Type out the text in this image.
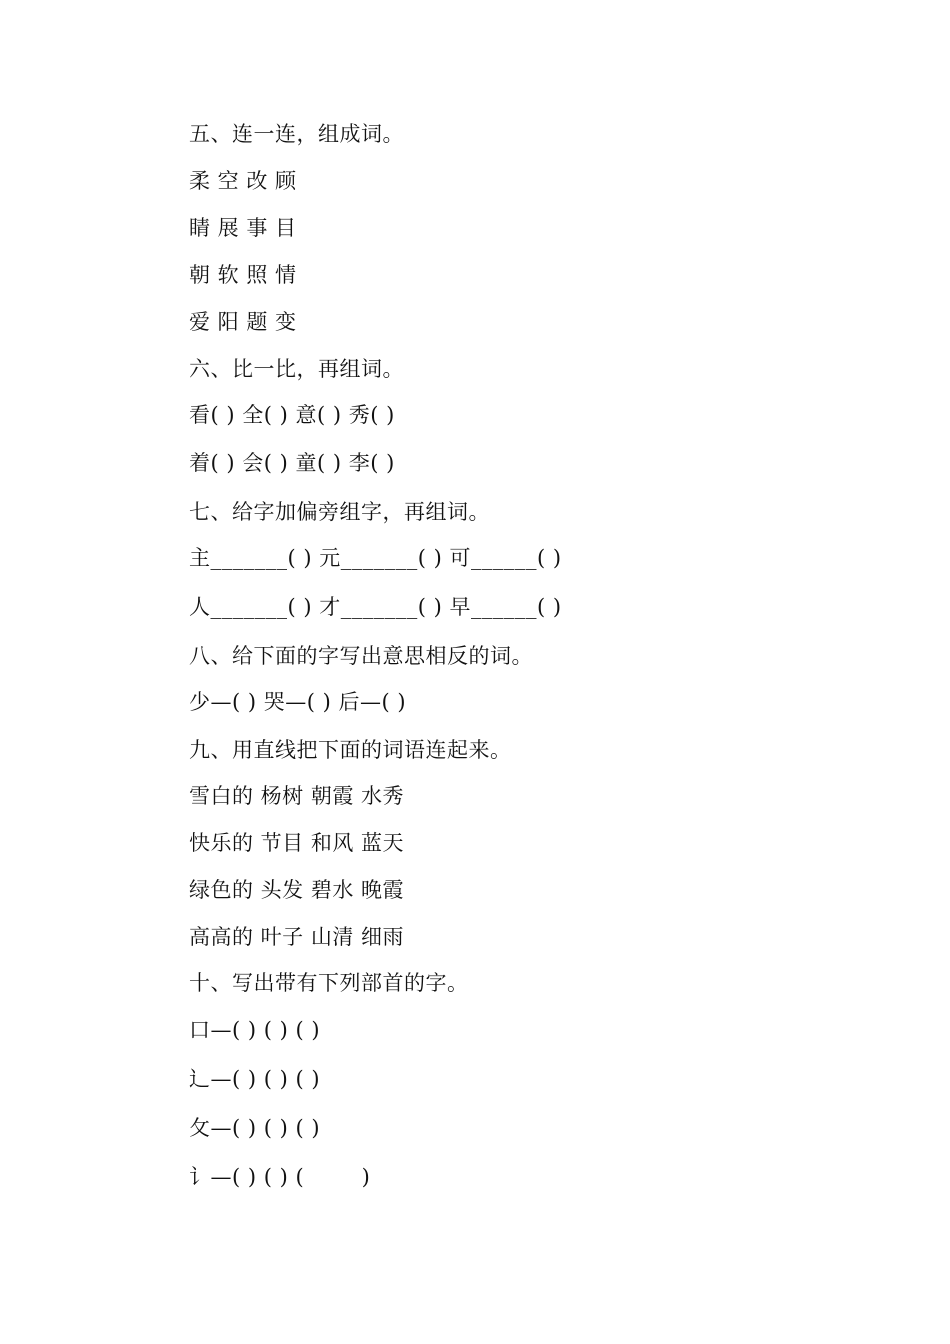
五、连一连，组成词。
柔 空 改 顾
睛 展 事 目
朝 软 照 情
爱 阳 题 变
六、比一比，再组词。
看( ) 全( ) 意( ) 秀( )
着( ) 会( ) 童( ) 李( )
七、给字加偏旁组字，再组词。
主_______( ) 元_______( ) 可______( )
人_______( ) 才_______( ) 早______( )
八、给下面的字写出意思相反的词。
少—( ) 哭—( ) 后—( )
九、用直线把下面的词语连起来。
雪白的 杨树 朝霞 水秀
快乐的 节目 和风 蓝天
绿色的 头发 碧水 晚霞
高高的 叶子 山清 细雨
十、写出带有下列部首的字。
口—( ) ( ) ( )
辶—( ) ( ) ( )
攵—( ) ( ) ( )
讠—( ) ( ) (        )
